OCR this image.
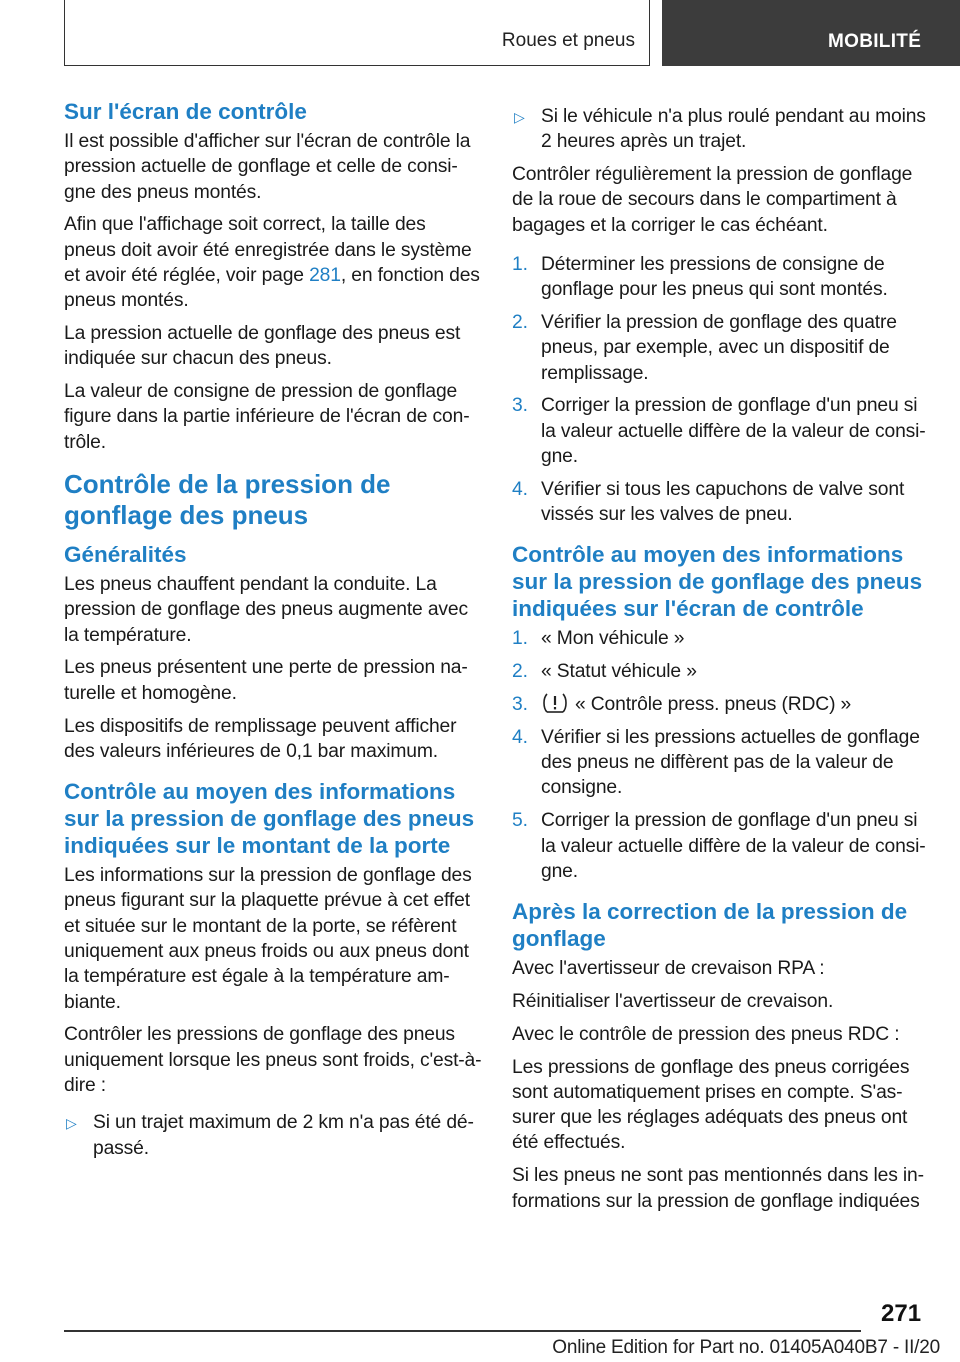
Roues et pneus	MOBILITÉ
Sur l'écran de contrôle
Il est possible d'afficher sur l'écran de contrôle la pression actuelle de gonflage et celle de consi-gne des pneus montés.
Afin que l'affichage soit correct, la taille des pneus doit avoir été enregistrée dans le système et avoir été réglée, voir page 281, en fonction des pneus montés.
La pression actuelle de gonflage des pneus est indiquée sur chacun des pneus.
La valeur de consigne de pression de gonflage figure dans la partie inférieure de l'écran de con-trôle.
Contrôle de la pression de gonflage des pneus
Généralités
Les pneus chauffent pendant la conduite. La pression de gonflage des pneus augmente avec la température.
Les pneus présentent une perte de pression na-turelle et homogène.
Les dispositifs de remplissage peuvent afficher des valeurs inférieures de 0,1 bar maximum.
Contrôle au moyen des informations sur la pression de gonflage des pneus indiquées sur le montant de la porte
Les informations sur la pression de gonflage des pneus figurant sur la plaquette prévue à cet effet et située sur le montant de la porte, se réfèrent uniquement aux pneus froids ou aux pneus dont la température est égale à la température am-biante.
Contrôler les pressions de gonflage des pneus uniquement lorsque les pneus sont froids, c'est-à-dire :
▷ Si un trajet maximum de 2 km n'a pas été dé-passé.
▷ Si le véhicule n'a plus roulé pendant au moins 2 heures après un trajet.
Contrôler régulièrement la pression de gonflage de la roue de secours dans le compartiment à bagages et la corriger le cas échéant.
1. Déterminer les pressions de consigne de gonflage pour les pneus qui sont montés.
2. Vérifier la pression de gonflage des quatre pneus, par exemple, avec un dispositif de remplissage.
3. Corriger la pression de gonflage d'un pneu si la valeur actuelle diffère de la valeur de consi-gne.
4. Vérifier si tous les capuchons de valve sont vissés sur les valves de pneu.
Contrôle au moyen des informations sur la pression de gonflage des pneus indiquées sur l'écran de contrôle
1. « Mon véhicule »
2. « Statut véhicule »
3. « Contrôle press. pneus (RDC) »
4. Vérifier si les pressions actuelles de gonflage des pneus ne diffèrent pas de la valeur de consigne.
5. Corriger la pression de gonflage d'un pneu si la valeur actuelle diffère de la valeur de consi-gne.
Après la correction de la pression de gonflage
Avec l'avertisseur de crevaison RPA :
Réinitialiser l'avertisseur de crevaison.
Avec le contrôle de pression des pneus RDC :
Les pressions de gonflage des pneus corrigées sont automatiquement prises en compte. S'as-surer que les réglages adéquats des pneus ont été effectués.
Si les pneus ne sont pas mentionnés dans les in-formations sur la pression de gonflage indiquées
271
Online Edition for Part no. 01405A040B7 - II/20
